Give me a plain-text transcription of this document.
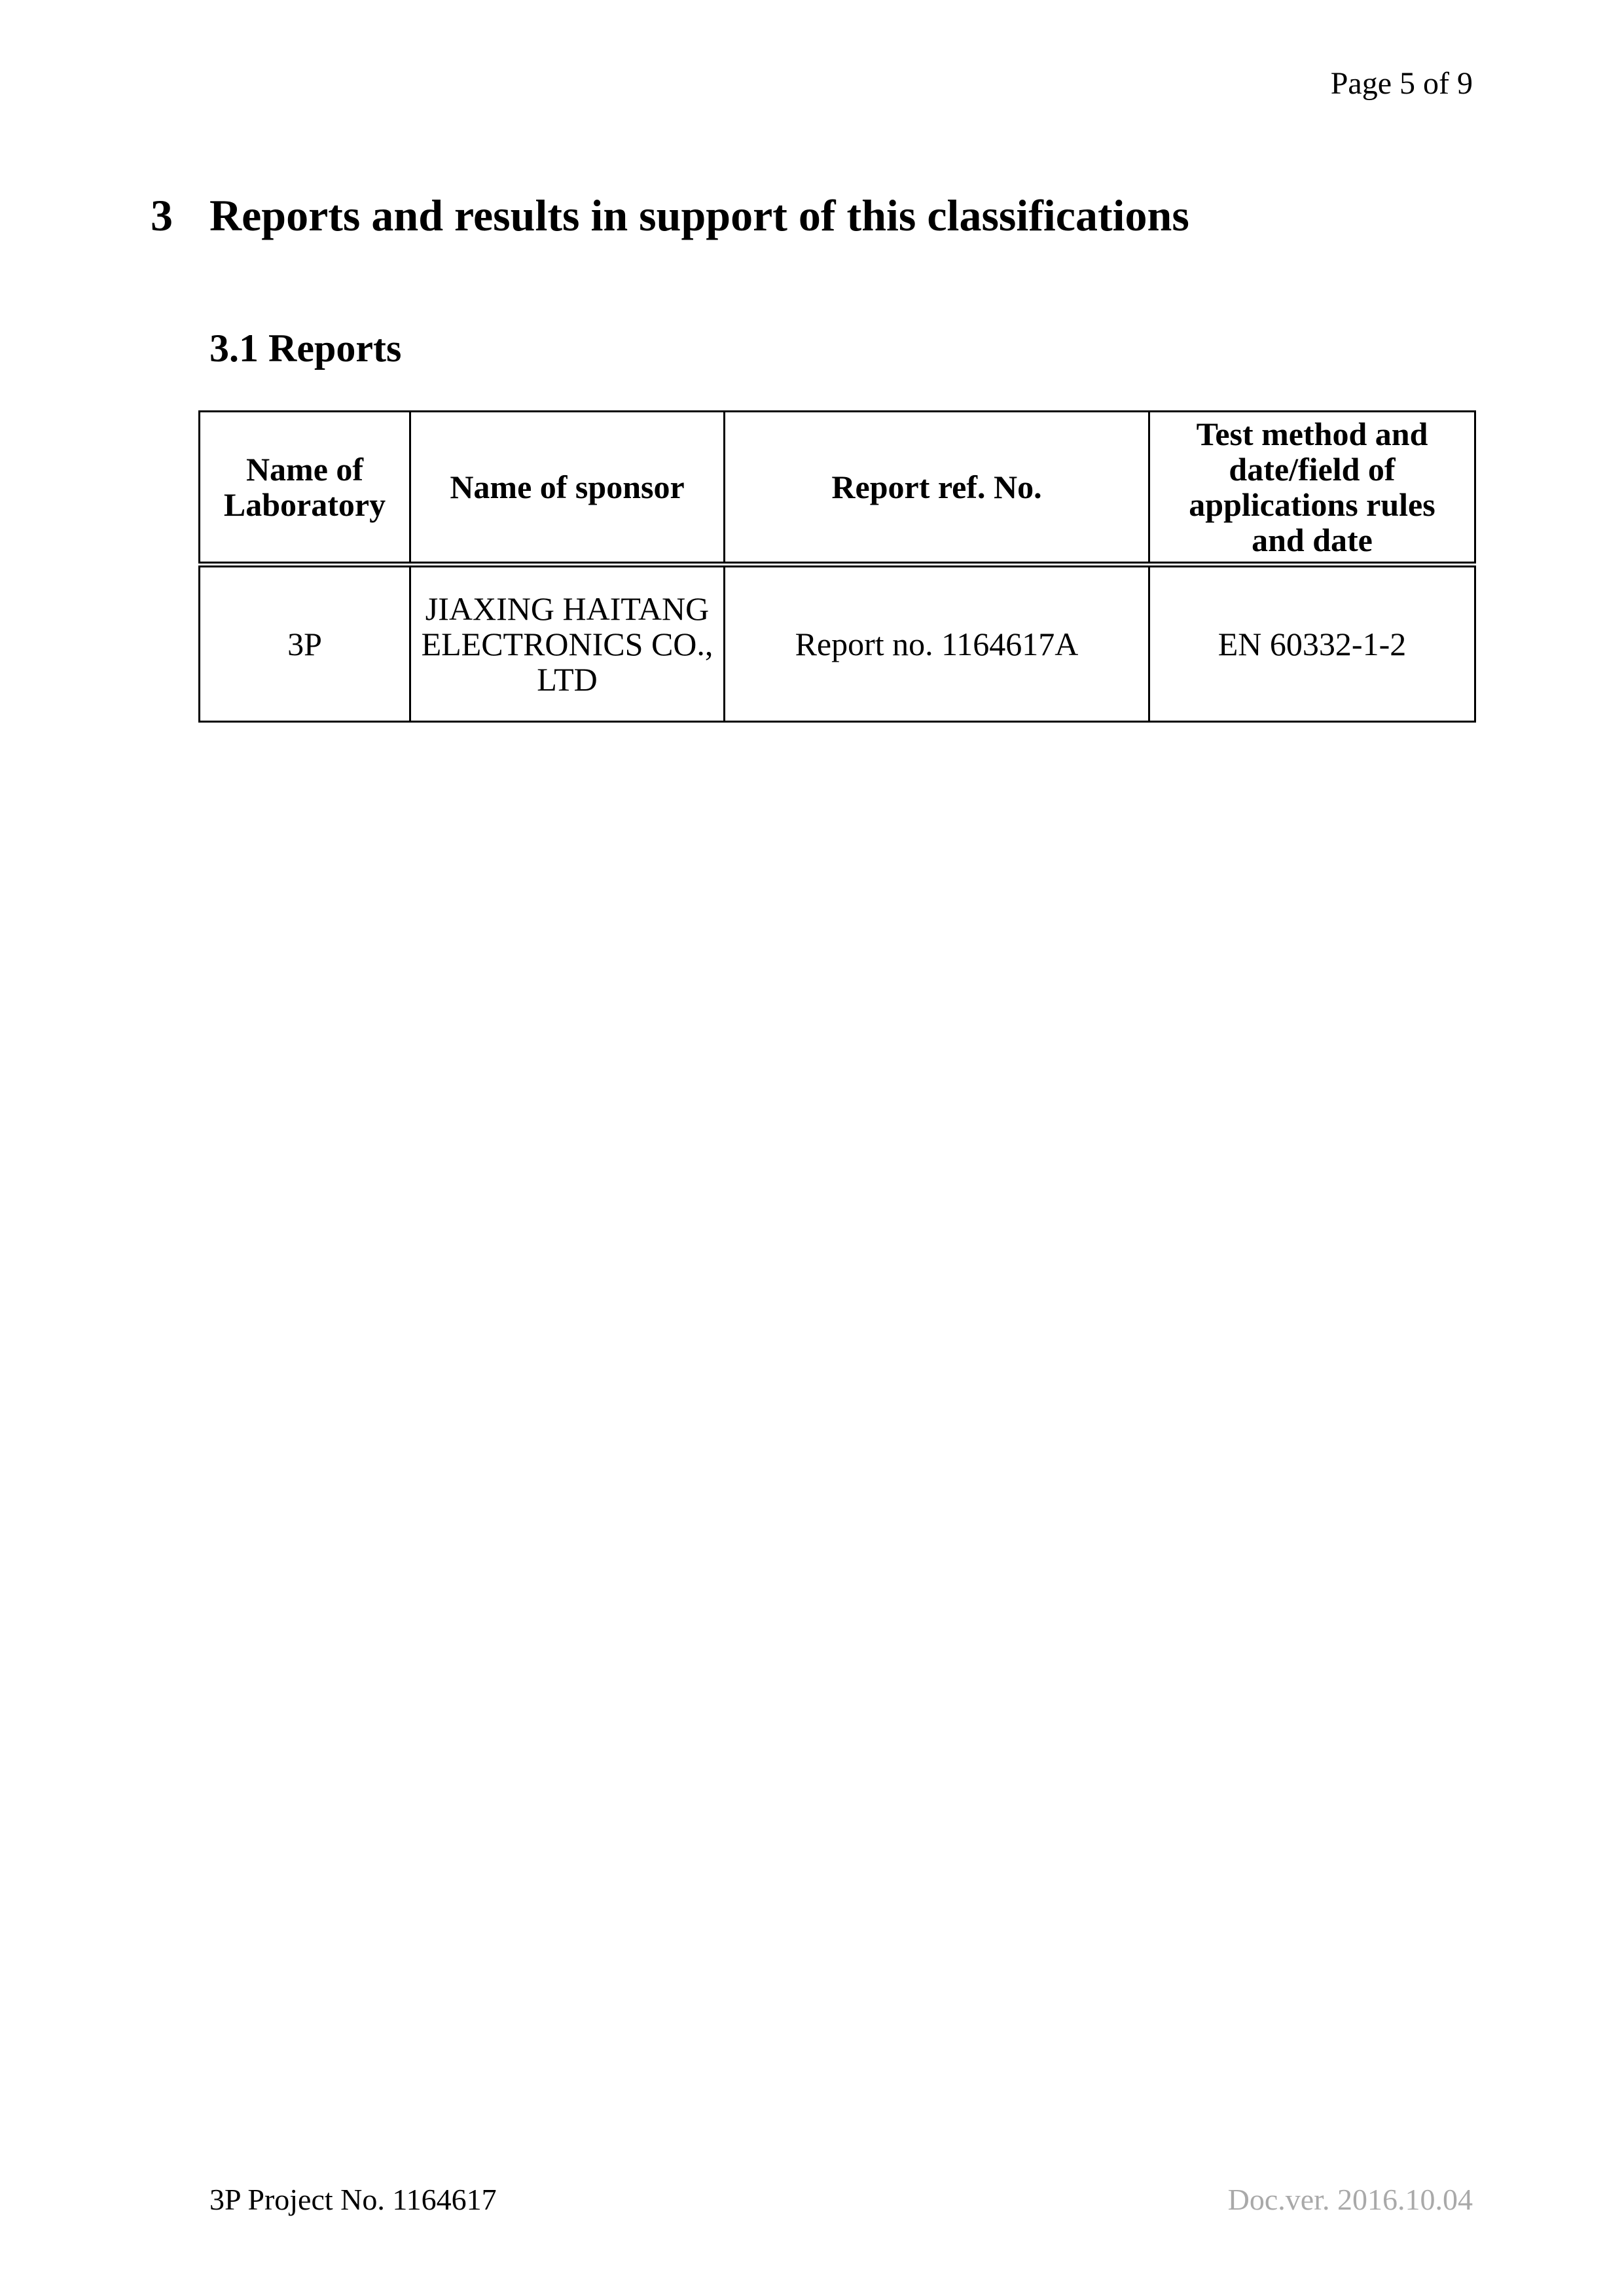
Page 5 of 9
3 Reports and results in support of this classifications
3.1 Reports
Name of Laboratory	Name of sponsor	Report ref. No.	Test method and date/field of applications rules and date
3P	JIAXING HAITANG ELECTRONICS CO., LTD	Report no. 1164617A	EN 60332-1-2
3P Project No. 1164617	Doc.ver. 2016.10.04
